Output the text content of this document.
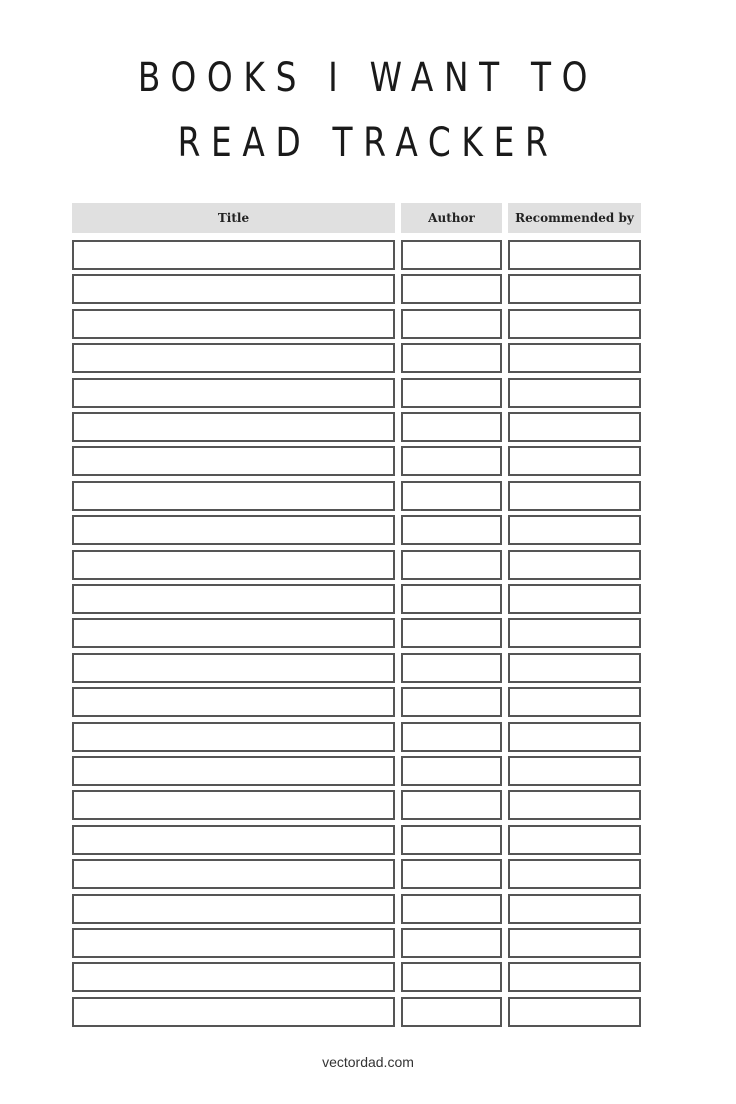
BOOKS I WANT TO
READ TRACKER
Title	Author	Recommended by
vectordad.com
